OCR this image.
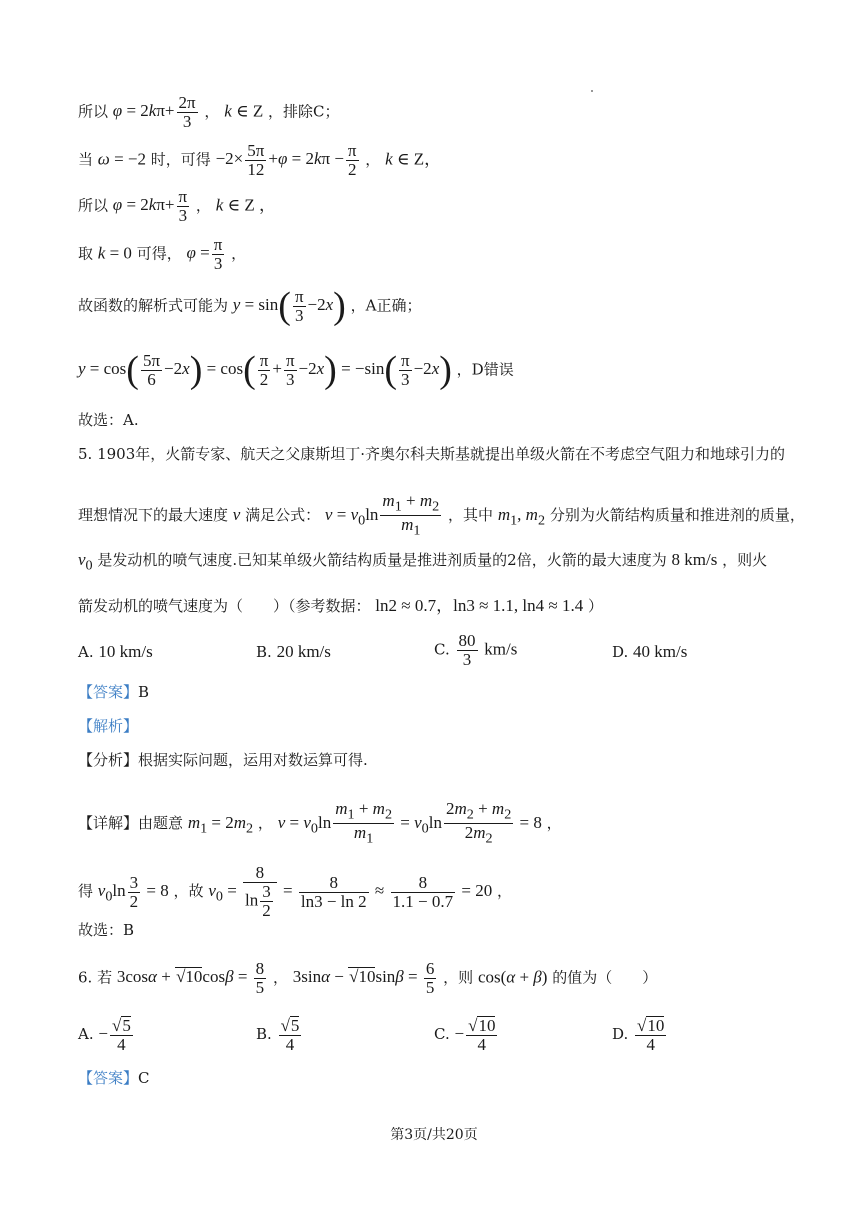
所以 $\varphi = 2k\pi+ \frac{2\pi}{3}$ ， k ∈ Z ，排除C；
当 ω = −2 时，可得 $-2\times \frac{5\pi}{12} +\varphi = 2k\pi - \frac{\pi}{2}$ ， k ∈ Z，
所以 $\varphi = 2k\pi+ \frac{\pi}{3}$ ， k ∈ Z ，
取 k = 0 可得， $\varphi = \frac{\pi}{3}$ ，
故函数的解析式可能为 $y = \sin( \frac{\pi}{3} -2x)$ ，A正确；
$y = \cos( \frac{5\pi}{6} -2x) = \cos( \frac{\pi}{2} + \frac{\pi}{3} -2x) = -\sin( \frac{\pi}{3} -2x)$ ，D错误
故选：A.
5. 1903年，火箭专家、航天之父康斯坦丁·齐奥尔科夫斯基就提出单级火箭在不考虑空气阻力和地球引力的
理想情况下的最大速度 v 满足公式： $v = v_0\ln \frac{m_1 + m_2}{m_1}$ ，其中 $m_1$, $m_2$ 分别为火箭结构质量和推进剂的质量，
$v_0$ 是发动机的喷气速度.已知某单级火箭结构质量是推进剂质量的2倍，火箭的最大速度为 8 km/s ，则火
箭发动机的喷气速度为（　　）（参考数据： ln2 ≈ 0.7，ln3 ≈ 1.1, ln4 ≈ 1.4 ）
A. 10 km/s	B. 20 km/s	C. $\frac{80}{3} km/s$	D. 40 km/s
【答案】B
【解析】
【分析】根据实际问题，运用对数运算可得.
【详解】由题意 $m_1 = 2m_2$ ， $v = v_0\ln \frac{m_1 + m_2}{m_1} = v_0\ln \frac{2m_2 + m_2}{2m_2} = 8$ ，
得 $v_0\ln \frac{3}{2} = 8$ ，故 $v_0 = \frac{8}{\ln \frac{3}{2}} = \frac{8}{\ln 3 - \ln 2} \approx \frac{8}{1.1 - 0.7} = 20$ ，
故选：B
6. 若 $3\cos\alpha + √10\cos\beta = \frac{8}{5}$ ， $3\sin\alpha - √10\sin\beta = \frac{6}{5}$ ，则 cos(α + β) 的值为（　　）
A. − $\frac{√5}{4}$	B. $\frac{√5}{4}$	C. − $\frac{√10}{4}$	D. $\frac{√10}{4}$
【答案】C
第3页/共20页
